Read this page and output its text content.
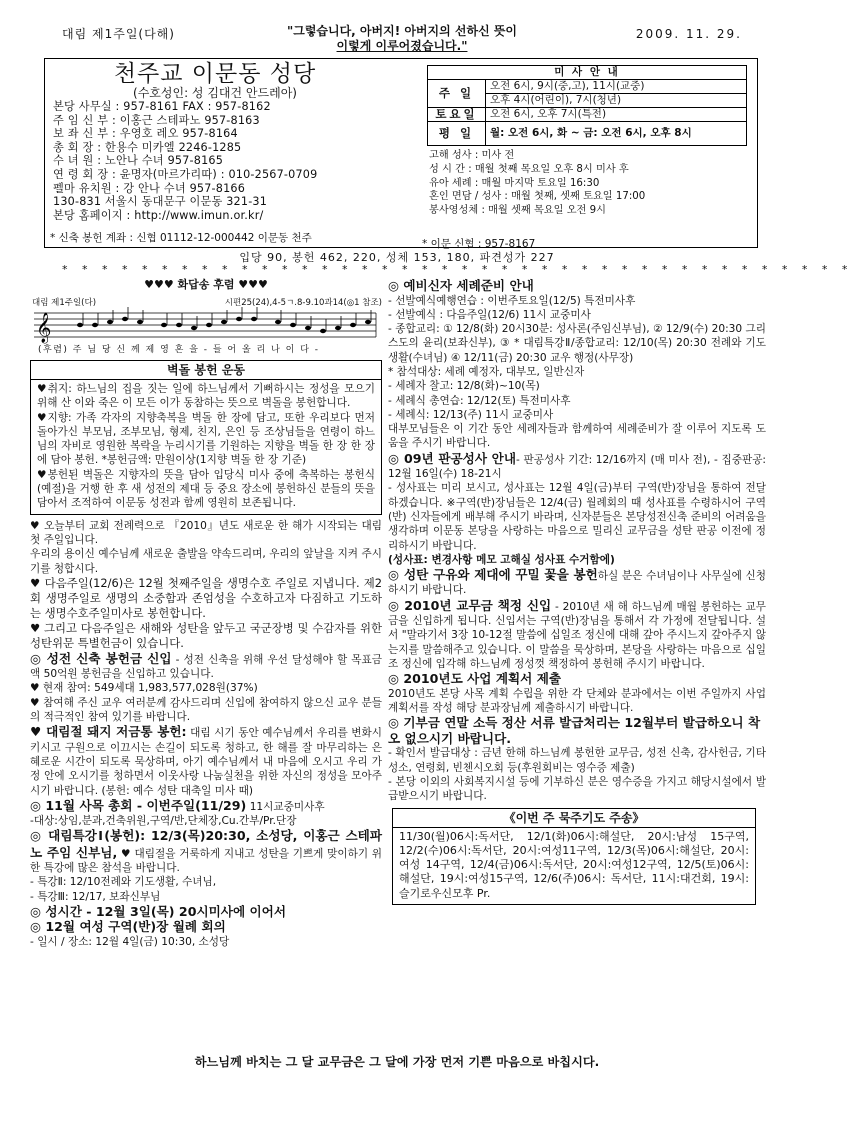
대림 제1주일(다해)	"그렇습니다, 아버지! 아버지의 선하신 뜻이
이렇게 이루어졌습니다."
2009. 11. 29.
천주교 이문동 성당
(수호성인: 성 김대건 안드레아)
본당 사무실 : 957-8161 FAX : 957-8162
주 임 신 부 : 이홍근 스테파노 957-8163
보 좌 신 부 : 우영호 레오 957-8164
총 회 장 : 한용수 미카엘 2246-1285
수 녀 원 : 노안나 수녀 957-8165
연 령 회 장 : 윤명자(마르가리따) : 010-2567-0709
펠마 유치원 : 강 안나 수녀 957-8166
130-831 서울시 동대문구 이문동 321-31
본당 홈페이지 : http://www.imun.or.kr/
미 사 안 내	
주 일	오전 6시, 9시(중,고), 11시(교중)
	오후 4시(어린이), 7시(청년)
토요일	오전 6시, 오후 7시(특전)
평 일	월: 오전 6시, 화 ~ 금: 오전 6시, 오후 8시
고해 성사 : 미사 전
성 시 간 : 매월 첫째 목요일 오후 8시 미사 후
유아 세례 : 매월 마지막 토요일 16:30
혼인 면담 / 성사 : 매월 첫째, 셋째 토요일 17:00
봉사영성체 : 매월 셋째 목요일 오전 9시
* 신축 봉헌 계좌 : 신협 01112-12-000442 이문동 천주	* 이문 신협 : 957-8167
입당 90, 봉헌 462, 220, 성체 153, 180, 파견성가 227
* * * * * * * * * * * * * * * * * * * * * * * * * * * * * * * * * * * * * * * *
♥♥♥ 화답송 후렴 ♥♥♥
대림 제1주일(다)	시편25(24),4-5ㄱ.8-9.10과14(◎1 참조)
𝄞
(후렴) 주 님 당 신 께 제 영 혼 을 - 들 어 올 리 나 이 다 -
벽돌 봉헌 운동
♥취지: 하느님의 집을 짓는 일에 하느님께서 기뻐하시는 정성을 모으기 위해 산 이와 죽은 이 모든 이가 동참하는 뜻으로 벽돌을 봉헌합니다.
♥지향: 가족 각자의 지향축복을 벽돌 한 장에 담고, 또한 우리보다 먼저 돌아가신 부모님, 조부모님, 형제, 친지, 은인 등 조상님들을 연령이 하느님의 자비로 영원한 복락을 누리시기를 기원하는 지향을 벽돌 한 장 한 장에 담아 봉헌. *봉헌금액: 만원이상(1지향 벽돌 한 장 기준)
♥봉헌된 벽돌은 지향자의 뜻을 담아 입당식 미사 중에 축복하는 봉헌식(예절)을 거행 한 후 새 성전의 제대 등 중요 장소에 봉헌하신 분들의 뜻을 담아서 조적하여 이문동 성전과 함께 영원히 보존됩니다.
♥ 오늘부터 교회 전례력으로 『2010』년도 새로운 한 해가 시작되는 대림 첫 주일입니다.
우리의 용이신 예수님께 새로운 출발을 약속드리며, 우리의 앞날을 지켜 주시기를 청합시다.
♥ 다음주일(12/6)은 12월 첫째주일을 생명수호 주일로 지냅니다. 제2회 생명주일로 생명의 소중함과 존엄성을 수호하고자 다짐하고 기도하는 생명수호주일미사로 봉헌합니다.
♥ 그리고 다음주일은 새해와 성탄을 앞두고 국군장병 및 수감자를 위한 성탄위문 특별헌금이 있습니다.
◎ 성전 신축 봉헌금 신입 - 성전 신축을 위해 우선 달성해야 할 목표금액 50억원 봉헌금을 신입하고 있습니다.
♥ 현재 참여: 549세대 1,983,577,028원(37%)
♥ 참여해 주신 교우 여러분께 감사드리며 신입에 참여하지 않으신 교우 분들의 적극적인 참여 있기를 바랍니다.
♥ 대림절 돼지 저금통 봉헌: 대림 시기 동안 예수님께서 우리를 변화시키시고 구원으로 이끄시는 손길이 되도록 청하고, 한 해를 잘 마무리하는 은혜로운 시간이 되도록 묵상하며, 아기 예수님께서 내 마음에 오시고 우리 가정 안에 오시기를 청하면서 이웃사랑 나눔실천을 위한 자신의 정성을 모아주시기 바랍니다. (봉헌: 예수 성탄 대축일 미사 때)
◎ 11월 사목 총회 - 이번주일(11/29) 11시교중미사후
-대상:상임,분과,건축위원,구역/반,단체장,Cu.간부/Pr.단장
◎ 대림특강Ⅰ(봉헌): 12/3(목)20:30, 소성당, 이홍근 스테파노 주임 신부님, ♥ 대림절을 거룩하게 지내고 성탄을 기쁘게 맞이하기 위한 특강에 많은 참석을 바랍니다.
- 특강Ⅱ: 12/10전례와 기도생활, 수녀님,
- 특강Ⅲ: 12/17, 보좌신부님
◎ 성시간 - 12월 3일(목) 20시미사에 이어서
◎ 12월 여성 구역(반)장 월례 회의
- 일시 / 장소: 12월 4일(금) 10:30, 소성당
◎ 예비신자 세례준비 안내
- 선발예식예행연습 : 이번주토요일(12/5) 특전미사후
- 선발예식 : 다음주일(12/6) 11시 교중미사
- 종합교리: ① 12/8(화) 20시30분: 성사론(주임신부님), ② 12/9(수) 20:30 그리스도의 윤리(보좌신부), ③ * 대림특강Ⅱ/종합교리: 12/10(목) 20:30 전례와 기도생활(수녀님) ④ 12/11(금) 20:30 교우 행정(사무장)
* 참석대상: 세례 예정자, 대부모, 일반신자
- 세례자 찰고: 12/8(화)~10(목)
- 세례식 총연습: 12/12(토) 특전미사후
- 세례식: 12/13(주) 11시 교중미사
대부모님들은 이 기간 동안 세례자들과 함께하여 세례준비가 잘 이루어 지도록 도움을 주시기 바랍니다.
◎ 09년 판공성사 안내- 판공성사 기간: 12/16까지 (매 미사 전), - 집중판공: 12월 16일(수) 18-21시
- 성사표는 미리 보시고, 성사표는 12월 4일(금)부터 구역(반)장님을 통하여 전달하겠습니다. ※구역(반)장님들은 12/4(금) 월례회의 때 성사표를 수령하시어 구역(반) 신자들에게 배부해 주시기 바라며, 신자분들은 본당성전신축 준비의 어려움을 생각하며 이문동 본당을 사랑하는 마음으로 밀리신 교무금을 성탄 판공 이전에 정리하시기 바랍니다.
(성사표: 변경사항 메모 고해실 성사표 수거함에)
◎ 성탄 구유와 제대에 꾸밀 꽃을 봉헌하실 분은 수녀님이나 사무실에 신청하시기 바랍니다.
◎ 2010년 교무금 책정 신입 - 2010년 새 해 하느님께 매월 봉헌하는 교무금을 신입하게 됩니다. 신입서는 구역(반)장님을 통해서 각 가정에 전달됩니다. 설서 "말라기서 3장 10-12절 말씀에 십일조 정신에 대해 갚아 주시느지 갚아주지 않는지를 말씀해주고 있습니다. 이 말씀을 묵상하며, 본당을 사랑하는 마음으로 십일조 정신에 입각해 하느님께 정성껏 책정하여 봉헌해 주시기 바랍니다.
◎ 2010년도 사업 계획서 제출
2010년도 본당 사목 계획 수립을 위한 각 단체와 분과에서는 이번 주일까지 사업 계획서를 작성 해당 분과장님께 제출하시기 바랍니다.
◎ 기부금 연말 소득 정산 서류 발급처리는 12월부터 발급하오니 착오 없으시기 바랍니다.
- 확인서 발급대상 : 금년 한해 하느님께 봉헌한 교무금, 성전 신축, 감사헌금, 기타 성소, 연령회, 빈첸시오회 등(후원회비는 영수증 제출)
- 본당 이외의 사회복지시설 등에 기부하신 분은 영수증을 가지고 해당시설에서 발급받으시기 바랍니다.
《이번 주 묵주기도 주송》
11/30(월)06시:독서단, 12/1(화)06시:해설단, 20시:남성 15구역, 12/2(수)06시:독서단, 20시:여성11구역, 12/3(목)06시:해설단, 20시: 여성 14구역, 12/4(금)06시:독서단, 20시:여성12구역, 12/5(토)06시:해설단, 19시:여성15구역, 12/6(주)06시: 독서단, 11시:대건회, 19시:슬기로우신모후 Pr.
하느님께 바치는 그 달 교무금은 그 달에 가장 먼저 기쁜 마음으로 바칩시다.
